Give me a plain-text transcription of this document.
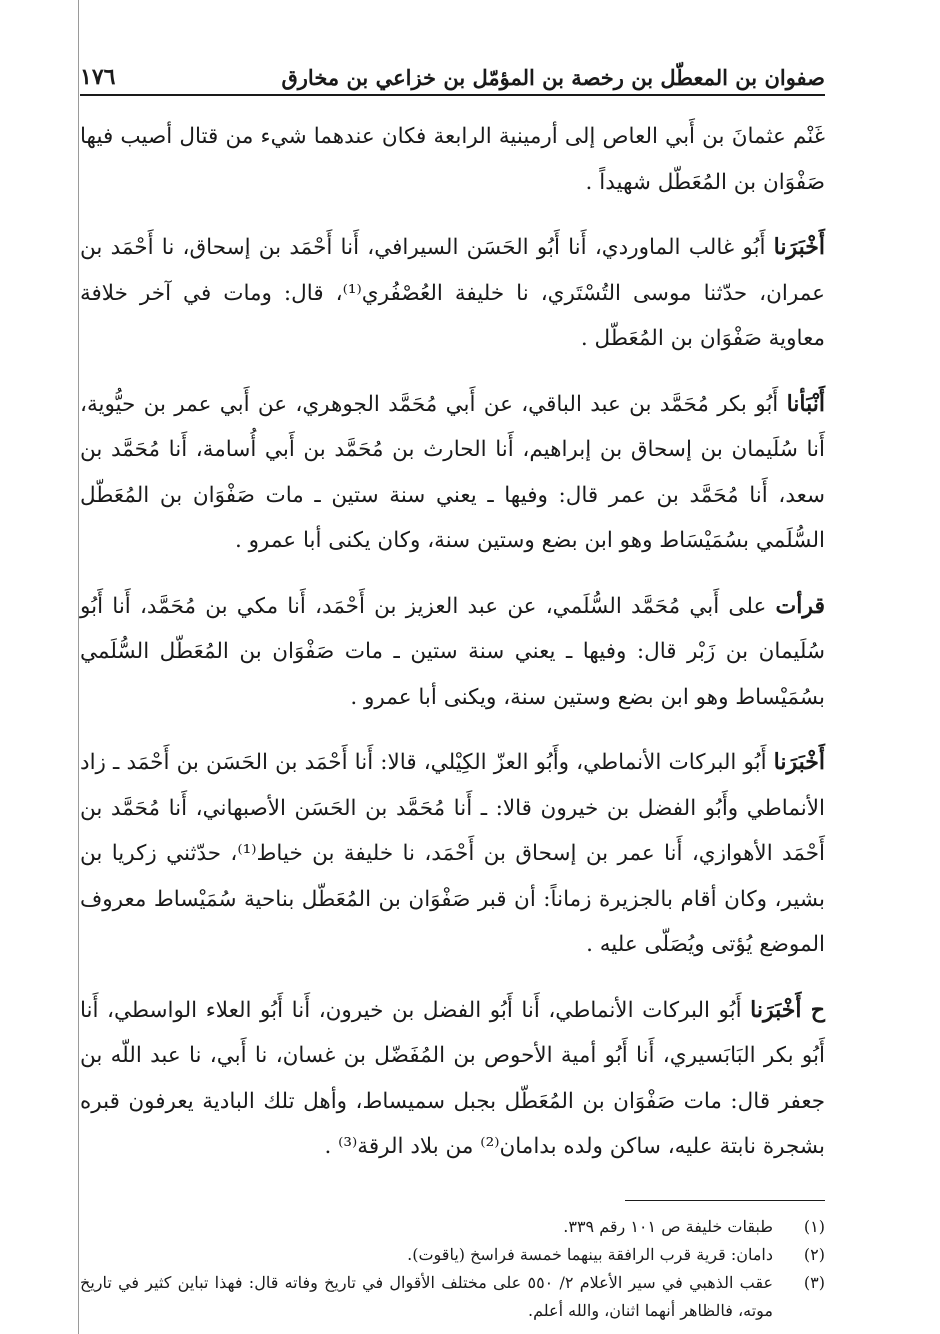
صفوان بن المعطّل بن رخصة بن المؤمّل بن خزاعي بن مخارق
١٧٦

غَنْم عثمانَ بن أَبي العاص إلى أرمينية الرابعة فكان عندهما شيء من قتال أصيب فيها صَفْوَان بن المُعَطّل شهيداً .

أَخْبَرَنا أَبُو غالب الماوردي، أَنا أَبُو الحَسَن السيرافي، أَنا أَحْمَد بن إسحاق، نا أَحْمَد بن عمران، حدّثنا موسى التُسْتَري، نا خليفة العُصْفُري⁽¹⁾، قال: ومات في آخر خلافة معاوية صَفْوَان بن المُعَطّل .

أَنْبَأنا أَبُو بكر مُحَمَّد بن عبد الباقي، عن أَبي مُحَمَّد الجوهري، عن أَبي عمر بن حيُّوية، أَنا سُلَيمان بن إسحاق بن إبراهيم، أَنا الحارث بن مُحَمَّد بن أَبي أُسامة، أَنا مُحَمَّد بن سعد، أَنا مُحَمَّد بن عمر قال: وفيها ـ يعني سنة ستين ـ مات صَفْوَان بن المُعَطّل السُّلَمي بسُمَيْسَاط وهو ابن بضع وستين سنة، وكان يكنى أبا عمرو .

قرأت على أَبي مُحَمَّد السُّلَمي، عن عبد العزيز بن أَحْمَد، أَنا مكي بن مُحَمَّد، أَنا أَبُو سُلَيمان بن زَبْر قال: وفيها ـ يعني سنة ستين ـ مات صَفْوَان بن المُعَطّل السُّلَمي بسُمَيْساط وهو ابن بضع وستين سنة، ويكنى أبا عمرو .

أَخْبَرَنا أَبُو البركات الأنماطي، وأَبُو العزّ الكِيْلي، قالا: أَنا أَحْمَد بن الحَسَن بن أَحْمَد ـ زاد الأنماطي وأَبُو الفضل بن خيرون قالا: ـ أَنا مُحَمَّد بن الحَسَن الأصبهاني، أَنا مُحَمَّد بن أَحْمَد الأهوازي، أَنا عمر بن إسحاق بن أَحْمَد، نا خليفة بن خياط⁽¹⁾، حدّثني زكريا بن بشير، وكان أقام بالجزيرة زماناً: أن قبر صَفْوَان بن المُعَطّل بناحية سُمَيْساط معروف الموضع يُؤتى ويُصَلّى عليه .

ح أَخْبَرَنا أَبُو البركات الأنماطي، أَنا أَبُو الفضل بن خيرون، أَنا أَبُو العلاء الواسطي، أَنا أَبُو بكر البَابَسيري، أَنا أَبُو أمية الأحوص بن المُفَضّل بن غسان، نا أَبي، نا عبد اللّه بن جعفر قال: مات صَفْوَان بن المُعَطّل بجبل سميساط، وأهل تلك البادية يعرفون قبره بشجرة نابتة عليه، ساكن ولده بدامان⁽²⁾ من بلاد الرقة⁽³⁾ .

(١)
طبقات خليفة ص ١٠١ رقم ٣٣٩.
(٢)
دامان: قرية قرب الرافقة بينهما خمسة فراسخ (ياقوت).
(٣)
عقب الذهبي في سير الأعلام ٢/ ٥٥٠ على مختلف الأقوال في تاريخ وفاته قال: فهذا تباين كثير في تاريخ موته، فالظاهر أنهما اثنان، والله أعلم.
